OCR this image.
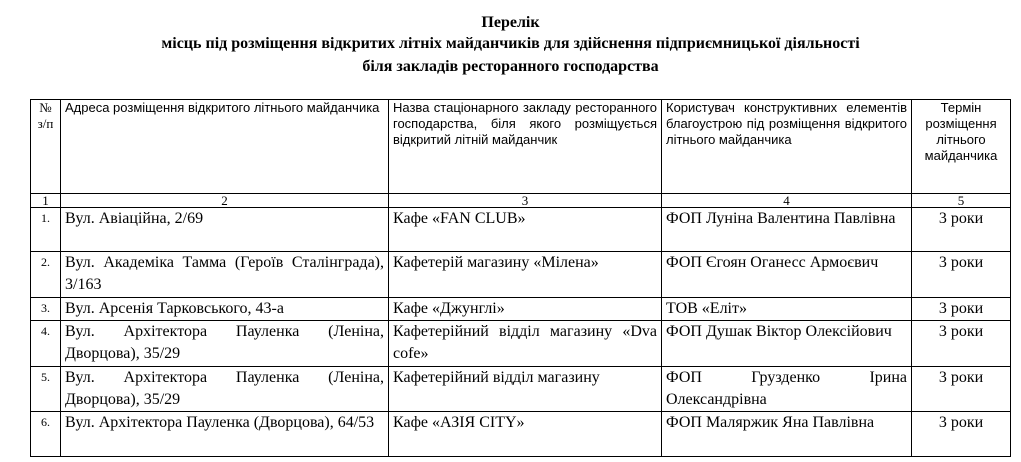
Перелік
місць під розміщення відкритих літніх майданчиків для здійснення підприємницької діяльності
біля закладів ресторанного господарства
№ з/п	Адреса розміщення відкритого літнього майданчика	Назва стаціонарного закладу ресторанного господарства, біля якого розміщується відкритий літній майданчик	Користувач конструктивних елементів благоустрою під розміщення відкритого літнього майданчика	Термін розміщення літнього майданчика
1	2	3	4	5
1.	Вул. Авіаційна, 2/69	Кафе «FAN CLUB»	ФОП Луніна Валентина Павлівна	3 роки
2.	Вул. Академіка Тамма (Героїв Сталінграда), 3/163	Кафетерій магазину «Мілена»	ФОП Єгоян Оганесс Армоєвич	3 роки
3.	Вул. Арсенія Тарковського, 43-а	Кафе «Джунглі»	ТОВ «Еліт»	3 роки
4.	Вул. Архітектора Пауленка (Леніна, Дворцова), 35/29	Кафетерійний відділ магазину «Dva cofe»	ФОП Душак Віктор Олексійович	3 роки
5.	Вул. Архітектора Пауленка (Леніна, Дворцова), 35/29	Кафетерійний відділ магазину	ФОП Грузденко Ірина Олександрівна	3 роки
6.	Вул. Архітектора Пауленка (Дворцова), 64/53	Кафе «АЗІЯ CITY»	ФОП Маляржик Яна Павлівна	3 роки
